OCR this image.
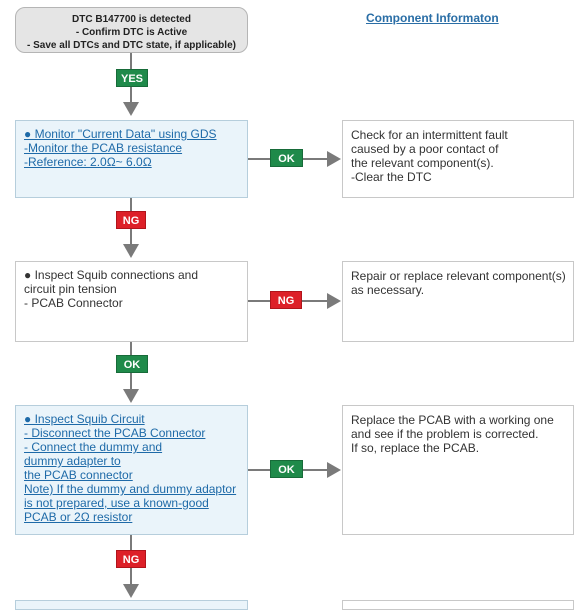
DTC B147700 is detected
- Confirm DTC is Active
- Save all DTCs and DTC state, if applicable)
Component Informaton
YES
● Monitor "Current Data" using GDS
-Monitor the PCAB resistance
-Reference: 2.0Ω~ 6.0Ω	OK
Check for an intermittent fault
caused by a poor contact of
the relevant component(s).
-Clear the DTC
NG
● Inspect Squib connections and
circuit pin tension
- PCAB Connector	NG
Repair or replace relevant component(s)
as necessary.
OK
● Inspect Squib Circuit
- Disconnect the PCAB Connector
- Connect the dummy and
dummy adapter to
the PCAB connector
Note) If the dummy and dummy adaptor
is not prepared, use a known-good
PCAB or 2Ω resistor
OK
Replace the PCAB with a working one
and see if the problem is corrected.
If so, replace the PCAB.
NG
